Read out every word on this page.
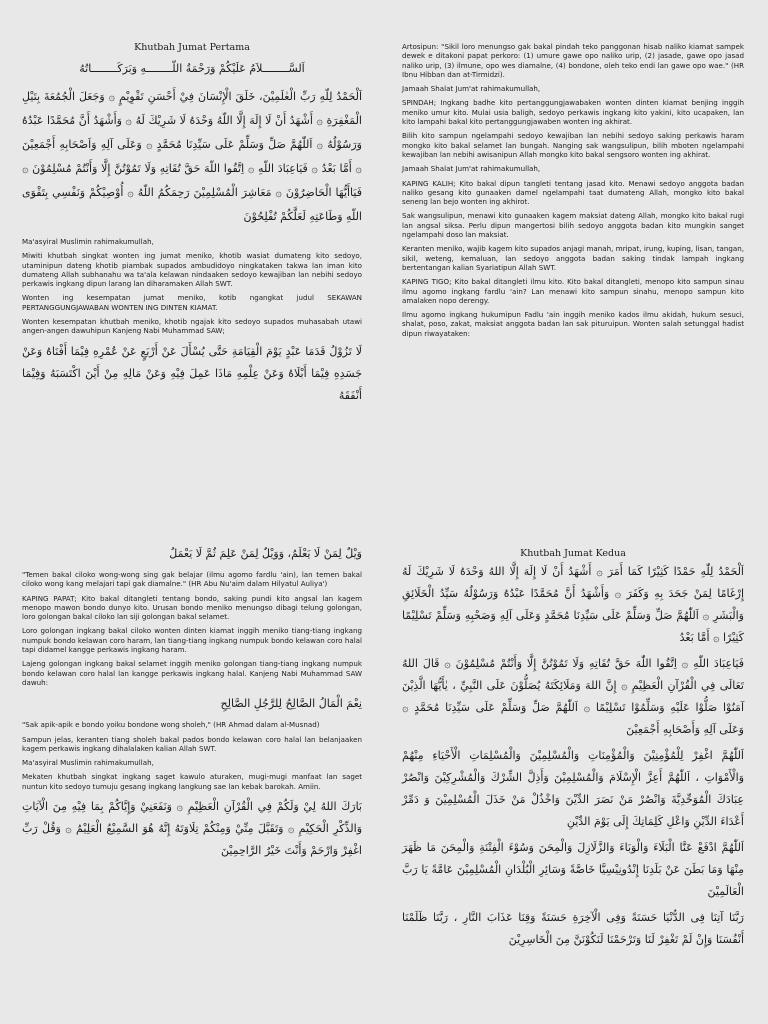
Khutbah Jumat Pertama

اَلسَّــــــــلاَمُ عَلَيْكُمْ وَرَحْمَةُ اللّــــــــهِ وَبَرَكَــــــــاتُهُ

اَلْحَمْدُ لِلّهِ رَبِّ الْعٰلَمِيْنَ، خَلَقَ الْإِنْسَانَ فِيْ أَحْسَنِ تَقْوِيْمٍ ۞ وَجَعَلَ الْجُمُعَةَ بِتَيْلِ الْمَغْفِرَةِ ۞ أَشْهَدُ أَنْ لَا إِلَهَ إِلَّا اللّهُ وَحْدَهُ لَا شَرِيْكَ لَهُ ۞ وَأَشْهَدُ أَنَّ مُحَمَّدًا عَبْدُهُ وَرَسُوْلُهُ ۞ اَللّٰهُمَّ صَلِّ وَسَلِّمْ عَلَى سَيِّدِنَا مُحَمَّدٍ ۞ وَعَلَى آلِهِ وَاَصْحَابِهِ أَجْمَعِيْنَ ۞ أَمَّا بَعْدُ ۞ فَيَاعِبَادَ اللّهِ ۞ اِتَّقُوا اللّهَ حَقَّ تُقَاتِهِ وَلَا تَمُوْتُنَّ إِلَّا وَأَنْتُمْ مُسْلِمُوْنَ ۞ فَيَاأَيُّهَا الْحَاضِرُوْنَ ۞ مَعَاشِرَ الْمُسْلِمِيْنَ رَحِمَكُمُ اللّهُ ۞ أُوْصِيْكُمْ وَنَفْسِي بِتَقْوَى اللّهِ وَطَاعَتِهِ لَعَلَّكُمْ تُفْلِحُوْنَ

Ma'asyiral Muslimin rahimakumullah,

Miwiti khutbah singkat wonten ing jumat meniko, khotib wasiat dumateng kito sedoyo, utaminipun dateng khotib piambak supados ambudidoyo ningkataken takwa lan iman kito dumateng Allah subhanahu wa ta'ala kelawan nindaaken sedoyo kewajiban lan nebihi sedoyo perkawis ingkang dipun larang lan diharamaken Allah SWT.

Wonten ing kesempatan jumat meniko, kotib ngangkat judul SEKAWAN PERTANGGUNGJAWABAN WONTEN ING DINTEN KIAMAT.

Wonten kesempatan khutbah meniko, khotib ngajak kito sedoyo supados muhasabah utawi angen-angen dawuhipun Kanjeng Nabi Muhammad SAW;

لَا تَزُوْلُ قَدَمَا عَبْدٍ يَوْمَ الْقِيَامَةِ حَتَّى يُسْأَلَ عَنْ أَرْبَعٍ عَنْ عُمْرِهِ فِيْمَا أَفْنَاهُ وَعَنْ جَسَدِهِ فِيْمَا أَبْلَاهُ وَعَنْ عِلْمِهِ مَاذَا عَمِلَ فِيْهِ وَعَنْ مَالِهِ مِنْ أَيْنَ اكْتَسَبَهُ وَفِيْمَا أَنْفَقَهُ

Artosipun: "Sikil loro menungso gak bakal pindah teko panggonan hisab naliko kiamat sampek dewek e ditakoni papat perkoro: (1) umure gawe opo naliko urip, (2) jasade, gawe opo jasad naliko urip, (3) ilmune, opo wes diamalne, (4) bondone, oleh teko endi lan gawe opo wae." (HR Ibnu Hibban dan at-Tirmidzi).

Jamaah Shalat Jum'at rahimakumullah,

SPINDAH; Ingkang badhe kito pertanggungjawabaken wonten dinten kiamat benjing inggih meniko umur kito. Mulai usia baligh, sedoyo perkawis ingkang kito yakini, kito ucapaken, lan kito lampahi bakal kito pertanggungjawaben wonten ing akhirat.

Bilih kito sampun ngelampahi sedoyo kewajiban lan nebihi sedoyo saking perkawis haram mongko kito bakal selamet lan bungah. Nanging sak wangsulipun, bilih mboten ngelampahi kewajiban lan nebihi awisanipun Allah mongko kito bakal sengsoro wonten ing akhirat.

Jamaah Shalat Jum'at rahimakumullah,

KAPING KALIH; Kito bakal dipun tangleti tentang jasad kito. Menawi sedoyo anggota badan naliko gesang kito gunaaken damel ngelampahi taat dumateng Allah, mongko kito bakal seneng lan bejo wonten ing akhirot.

Sak wangsulipun, menawi kito gunaaken kagem maksiat dateng Allah, mongko kito bakal rugi lan angsal siksa. Perlu dipun mangertosi bilih sedoyo anggota badan kito mungkin sanget ngelampahi doso lan maksiat.

Keranten meniko, wajib kagem kito supados anjagi manah, mripat, irung, kuping, lisan, tangan, sikil, weteng, kemaluan, lan sedoyo anggota badan saking tindak lampah ingkang bertentangan kalian Syariatipun Allah SWT.

KAPING TIGO; Kito bakal ditangleti ilmu kito. Kito bakal ditangleti, menopo kito sampun sinau ilmu agomo ingkang fardlu 'ain? Lan menawi kito sampun sinahu, menopo sampun kito amalaken nopo derengy.

Ilmu agomo ingkang hukumipun Fadlu 'ain inggih meniko kados ilmu akidah, hukum sesuci, shalat, poso, zakat, maksiat anggota badan lan sak pituruipun. Wonten salah setunggal hadist dipun riwayataken:

وَيْلٌ لِمَنْ لَا يَعْلَمُ، وَوَيْلٌ لِمَنْ عَلِمَ ثُمَّ لَا يَعْمَلُ

"Temen bakal ciloko wong-wong sing gak belajar (ilmu agomo fardlu 'ain), lan temen bakal ciloko wong kang melajari tapi gak diamalne." (HR Abu Nu'aim dalam Hilyatul Auliya')

KAPING PAPAT; Kito bakal ditangleti tentang bondo, saking pundi kito angsal lan kagem menopo mawon bondo dunyo kito. Urusan bondo meniko menungso dibagi telung golongan, loro golongan bakal ciloko lan siji golongan bakal selamet.

Loro golongan ingkang bakal ciloko wonten dinten kiamat inggih meniko tiang-tiang ingkang numpuk bondo kelawan coro haram, lan tiang-tiang ingkang numpuk bondo kelawan coro halal tapi didamel kangge perkawis ingkang haram.

Lajeng golongan ingkang bakal selamet inggih meniko golongan tiang-tiang ingkang numpuk bondo kelawan coro halal lan kangge perkawis ingkang halal. Kanjeng Nabi Muhammad SAW dawuh:

نِعْمَ الْمَالُ الصَّالِحُ لِلرَّجُلِ الصَّالِحِ

"Sak apik-apik e bondo yoiku bondone wong sholeh," (HR Ahmad dalam al-Musnad)

Sampun jelas, keranten tiang sholeh bakal pados bondo kelawan coro halal lan belanjaaken kagem perkawis ingkang dihalalaken kalian Allah SWT.

Ma'asyiral Muslimin rahimakumullah,

Mekaten khutbah singkat ingkang saget kawulo aturaken, mugi-mugi manfaat lan saget nuntun kito sedoyo tumuju gesang ingkang langkung sae lan kebak barokah. Amiin.

بَارَكَ اللهُ لِيْ وَلَكُمْ فِي الْقُرْآنِ الْعَظِيْمِ ۞ وَنَفَعَنِيْ وَإِيَّاكُمْ بِمَا فِيْهِ مِنَ الْآيَاتِ وَالذِّكْرِ الْحَكِيْمِ ۞ وَتَقَبَّلَ مِنِّيْ وَمِنْكُمْ تِلَاوَتَهُ إِنَّهُ هُوَ السَّمِيْعُ الْعَلِيْمُ ۞ وَقُلْ رَبِّ اغْفِرْ وَارْحَمْ وَأَنْتَ خَيْرُ الرَّاحِمِيْنَ

Khutbah Jumat Kedua

اَلْحَمْدُ لِلّٰهِ حَمْدًا كَثِيْرًا كَمَا أَمَرَ ۞ أَشْهَدُ أَنْ لَا إِلَهَ إِلَّا اللهُ وَحْدَهُ لَا شَرِيْكَ لَهُ إِرْغَامًا لِمَنْ جَحَدَ بِهِ وَكَفَرَ ۞ وَأَشْهَدُ أَنَّ مُحَمَّدًا عَبْدُهُ وَرَسُوْلُهُ سَيِّدُ الْخَلَائِقِ وَالْبَشَرِ ۞ اَللّٰهُمَّ صَلِّ وَسَلِّمْ عَلَى سَيِّدِنَا مُحَمَّدٍ وَعَلَى آلِهِ وَصَحْبِهِ وَسَلِّمْ تَسْلِيْمًا كَثِيْرًا ۞ أَمَّا بَعْدُ

فَيَاعِبَادَ اللّٰهِ ۞ اِتَّقُوا اللّٰهَ حَقَّ تُقَاتِهِ وَلَا تَمُوْتُنَّ إِلَّا وَأَنْتُمْ مُسْلِمُوْنَ ۞ قَالَ اللهُ تَعَالَى فِي الْقُرْآنِ الْعَظِيْمِ ۞ إِنَّ اللهَ وَمَلَائِكَتَهُ يُصَلُّوْنَ عَلَى النَّبِيِّ ، يٰأَيُّهَا الَّذِيْنَ آمَنُوْا صَلُّوْا عَلَيْهِ وَسَلِّمُوْا تَسْلِيْمًا ۞ اَللّٰهُمَّ صَلِّ وَسَلِّمْ عَلَى سَيِّدِنَا مُحَمَّدٍ ۞ وَعَلَى آلِهِ وَأَصْحَابِهِ أَجْمَعِيْنَ

اَللّٰهُمَّ اغْفِرْ لِلْمُؤْمِنِيْنَ وَالْمُؤْمِنَاتِ وَالْمُسْلِمِيْنَ وَالْمُسْلِمَاتِ الْأَحْيَاءِ مِنْهُمْ وَالْأَمْوَاتِ ، اَللّٰهُمَّ أَعِزَّ الْإِسْلَامَ وَالْمُسْلِمِيْنَ وَأَذِلَّ الشِّرْكَ وَالْمُشْرِكِيْنَ وَانْصُرْ عِبَادَكَ الْمُوَحِّدِيَّةَ وَانْصُرْ مَنْ نَصَرَ الدِّيْنَ وَاخْذُلْ مَنْ خَذَلَ الْمُسْلِمِيْنَ وَ دَمِّرْ أَعْدَاءَ الدِّيْنِ وَاعْلِ كَلِمَاتِكَ إِلَى يَوْمَ الدِّيْنِ

اَللّٰهُمَّ ادْفَعْ عَنَّا الْبَلَاءَ وَالْوَبَاءَ وَالزَّلَازِلَ وَالْمِحَنَ وَسُوْءَ الْفِتْنَةِ وَالْمِحَنَ مَا ظَهَرَ مِنْهَا وَمَا بَطَنَ عَنْ بَلَدِنَا إِنْدُونِيْسِيَّا خَاصَّةً وَسَائِرِ الْبُلْدَانِ الْمُسْلِمِيْنَ عَامَّةً يَا رَبَّ الْعَالَمِيْنَ

رَبَّنَا آتِنَا فِى الدُّنْيَا حَسَنَةً وَفِى الْآخِرَةِ حَسَنَةً وَقِنَا عَذَابَ النَّارِ ، رَبَّنَا ظَلَمْنَا أَنْفُسَنَا وَإِنْ لَمْ تَغْفِرْ لَنَا وَتَرْحَمْنَا لَنَكُوْنَنَّ مِنَ الْخَاسِرِيْنَ
